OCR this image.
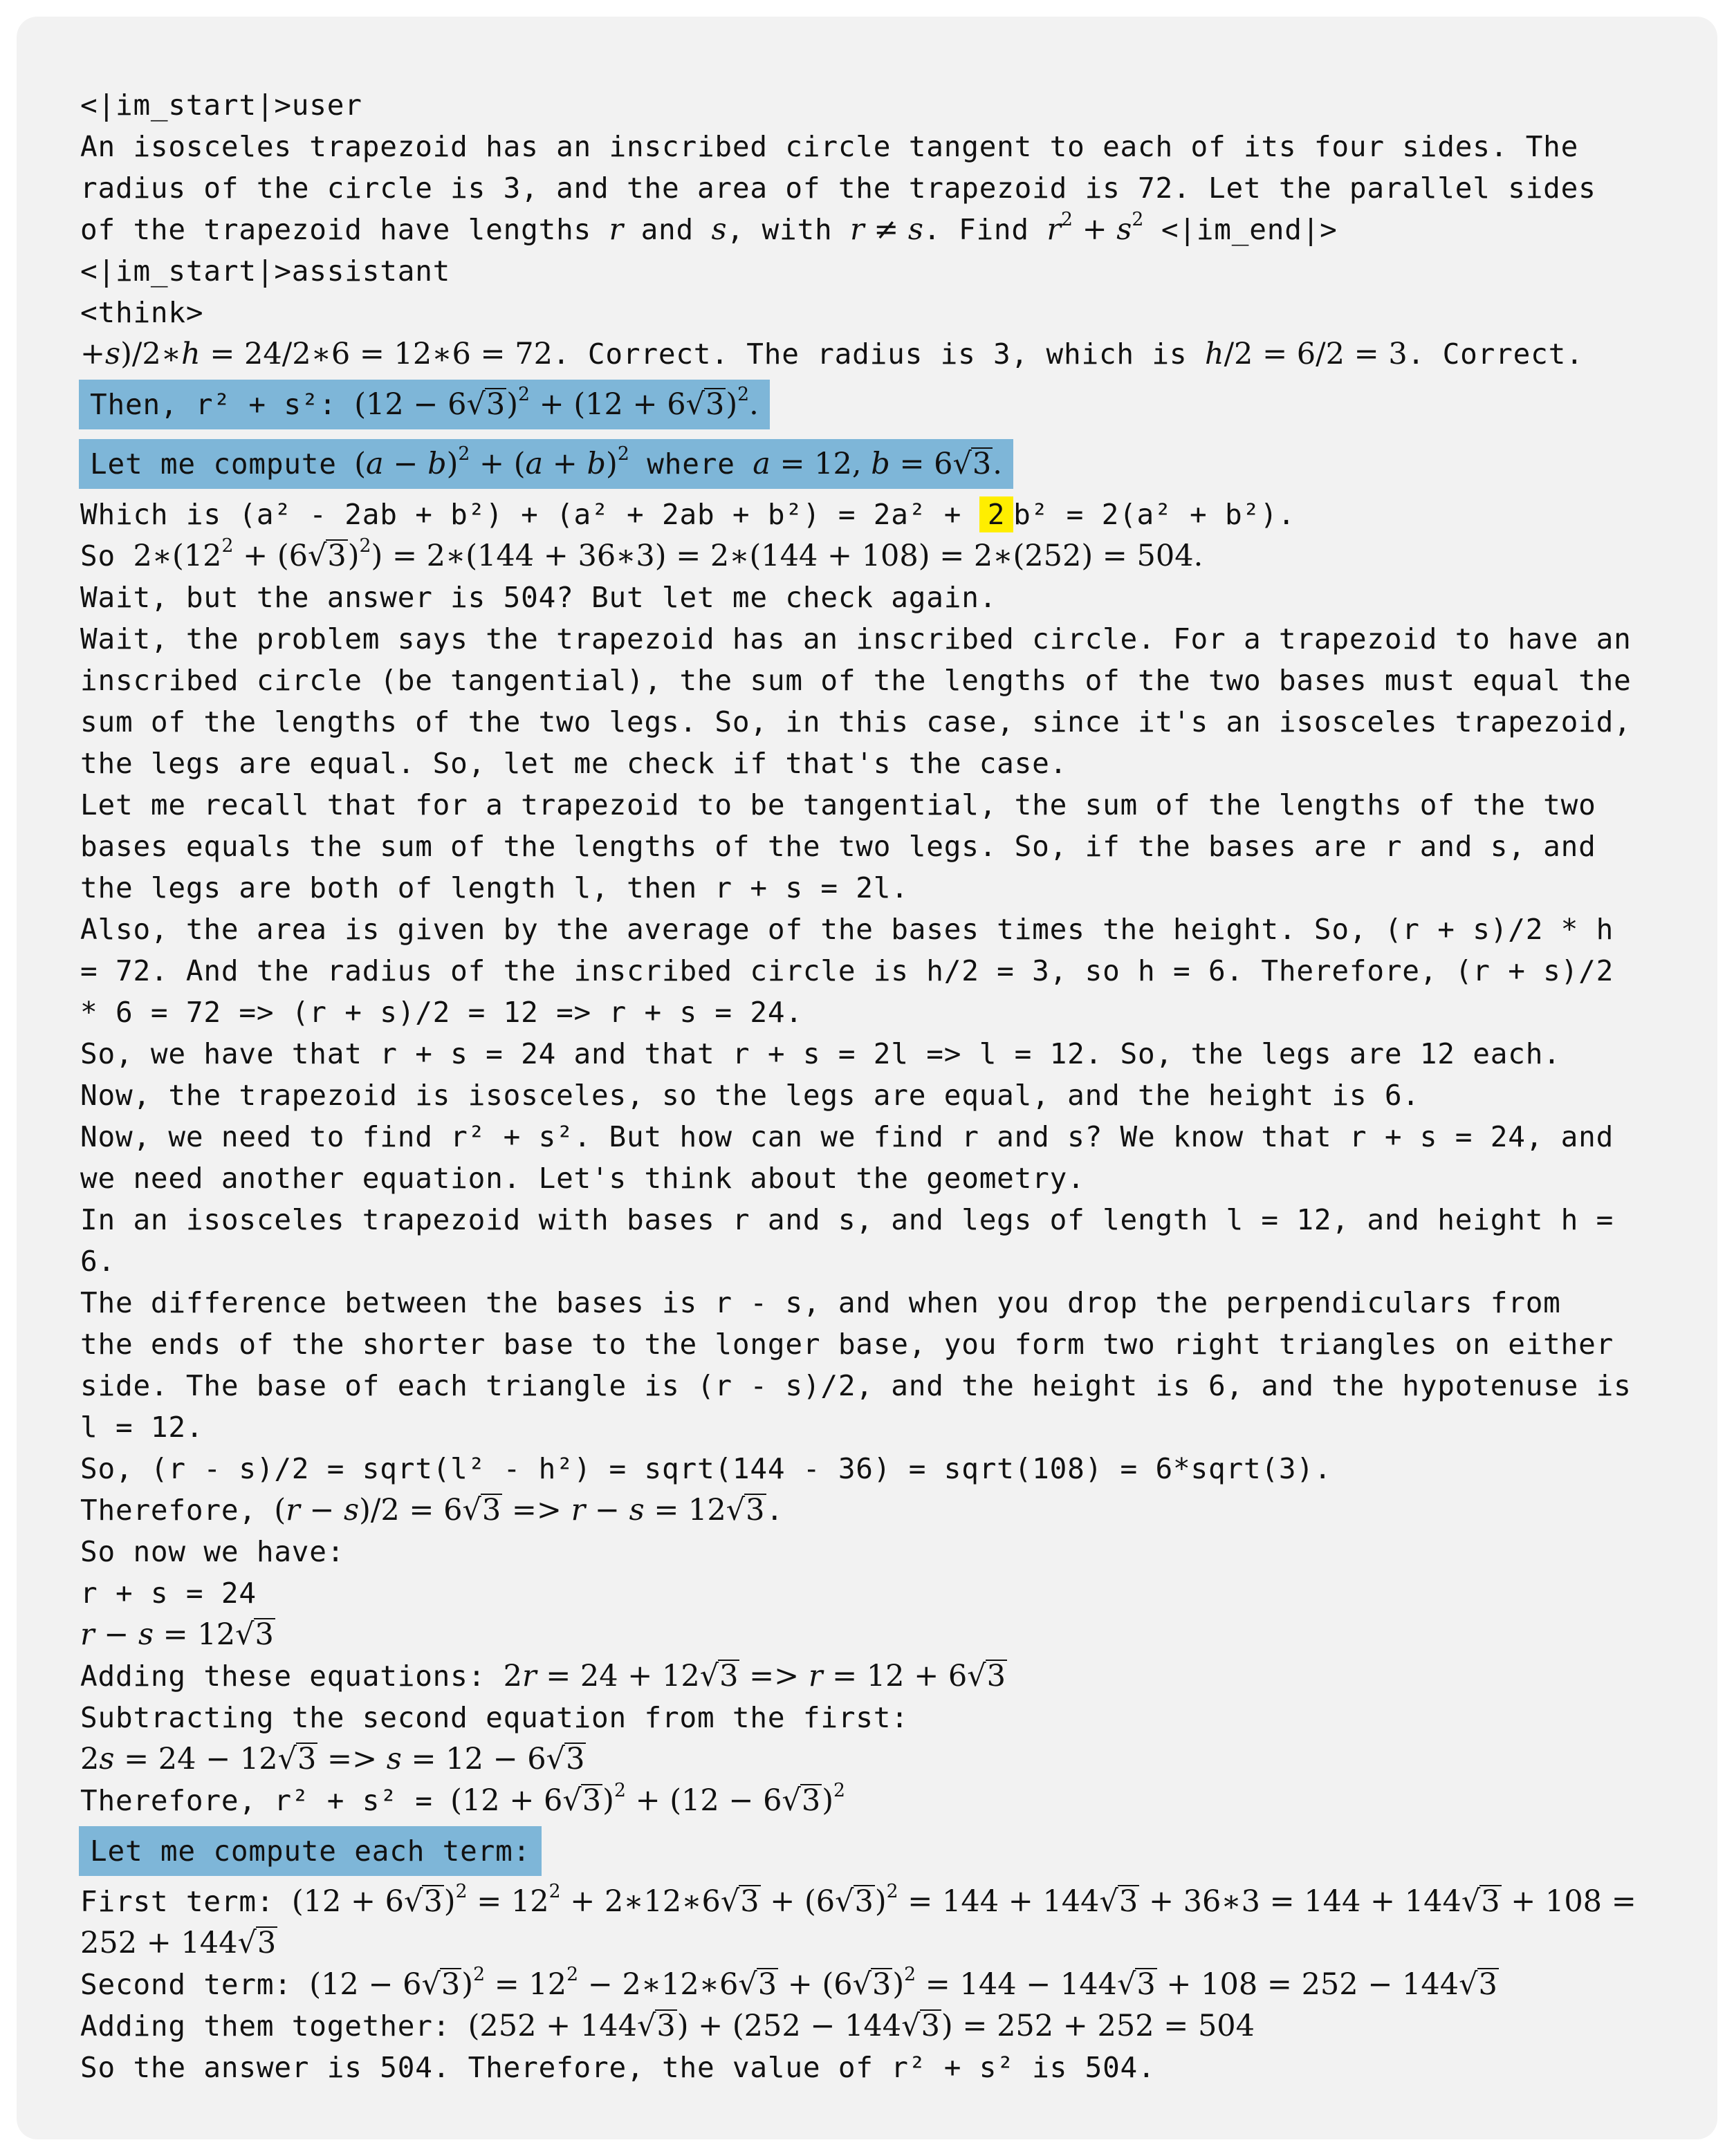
<|im_start|>user
An isosceles trapezoid has an inscribed circle tangent to each of its four sides. The
radius of the circle is 3, and the area of the trapezoid is 72. Let the parallel sides
of the trapezoid have lengths r and s, with r ≠ s. Find $r^2 + s^2$ <|im_end|>
<|im_start|>assistant
<think>
+s)/2∗h = 24/2∗6 = 12∗6 = 72. Correct. The radius is 3, which is h/2 = 6/2 = 3. Correct.
Then, r² + s²: $(12 - 6√3)^2 + (12 + 6√3)^2$.
Let me compute $(a - b)^2 + (a + b)^2$ where a = 12, b = 6√3.
Which is (a² - 2ab + b²) + (a² + 2ab + b²) = 2a² + 2 b² = 2(a² + b²).
So $2∗(12^2 + (6√3)^2)$ = 2∗(144 + 36∗3) = 2∗(144 + 108) = 2∗(252) = 504.
Wait, but the answer is 504? But let me check again.
Wait, the problem says the trapezoid has an inscribed circle. For a trapezoid to have an
inscribed circle (be tangential), the sum of the lengths of the two bases must equal the
sum of the lengths of the two legs. So, in this case, since it's an isosceles trapezoid,
the legs are equal. So, let me check if that's the case.
Let me recall that for a trapezoid to be tangential, the sum of the lengths of the two
bases equals the sum of the lengths of the two legs. So, if the bases are r and s, and
the legs are both of length l, then r + s = 2l.
Also, the area is given by the average of the bases times the height. So, (r + s)/2 * h
= 72. And the radius of the inscribed circle is h/2 = 3, so h = 6. Therefore, (r + s)/2
* 6 = 72 => (r + s)/2 = 12 => r + s = 24.
So, we have that r + s = 24 and that r + s = 2l => l = 12. So, the legs are 12 each.
Now, the trapezoid is isosceles, so the legs are equal, and the height is 6.
Now, we need to find r² + s². But how can we find r and s? We know that r + s = 24, and
we need another equation. Let's think about the geometry.
In an isosceles trapezoid with bases r and s, and legs of length l = 12, and height h =
6.
The difference between the bases is r - s, and when you drop the perpendiculars from
the ends of the shorter base to the longer base, you form two right triangles on either
side. The base of each triangle is (r - s)/2, and the height is 6, and the hypotenuse is
l = 12.
So, (r - s)/2 = sqrt(l² - h²) = sqrt(144 - 36) = sqrt(108) = 6*sqrt(3).
Therefore, (r − s)/2 = 6√3 => r − s = 12√3.
So now we have:
r + s = 24
r − s = 12√3
Adding these equations: 2r = 24 + 12√3 => r = 12 + 6√3
Subtracting the second equation from the first:
2s = 24 − 12√3 => s = 12 − 6√3
Therefore, $r^2 + s^2 = (12 + 6√3)^2 + (12 - 6√3)^2$
Let me compute each term:
First term: $(12 + 6√3)^2 = 12^2$ + 2∗12∗6√3 + $(6√3)^2 = 144 + 144√3$ + 36∗3 = 144 + 144√3 + 108 =
252 + 144√3
Second term: $(12 - 6√3)^2 = 12^2$ − 2∗12∗6√3 + $(6√3)^2 = 144 - 144√3 + 108 = 252 - 144√3$
Adding them together: (252 + 144√3) + (252 − 144√3) = 252 + 252 = 504
So the answer is 504. Therefore, the value of r² + s² is 504.
